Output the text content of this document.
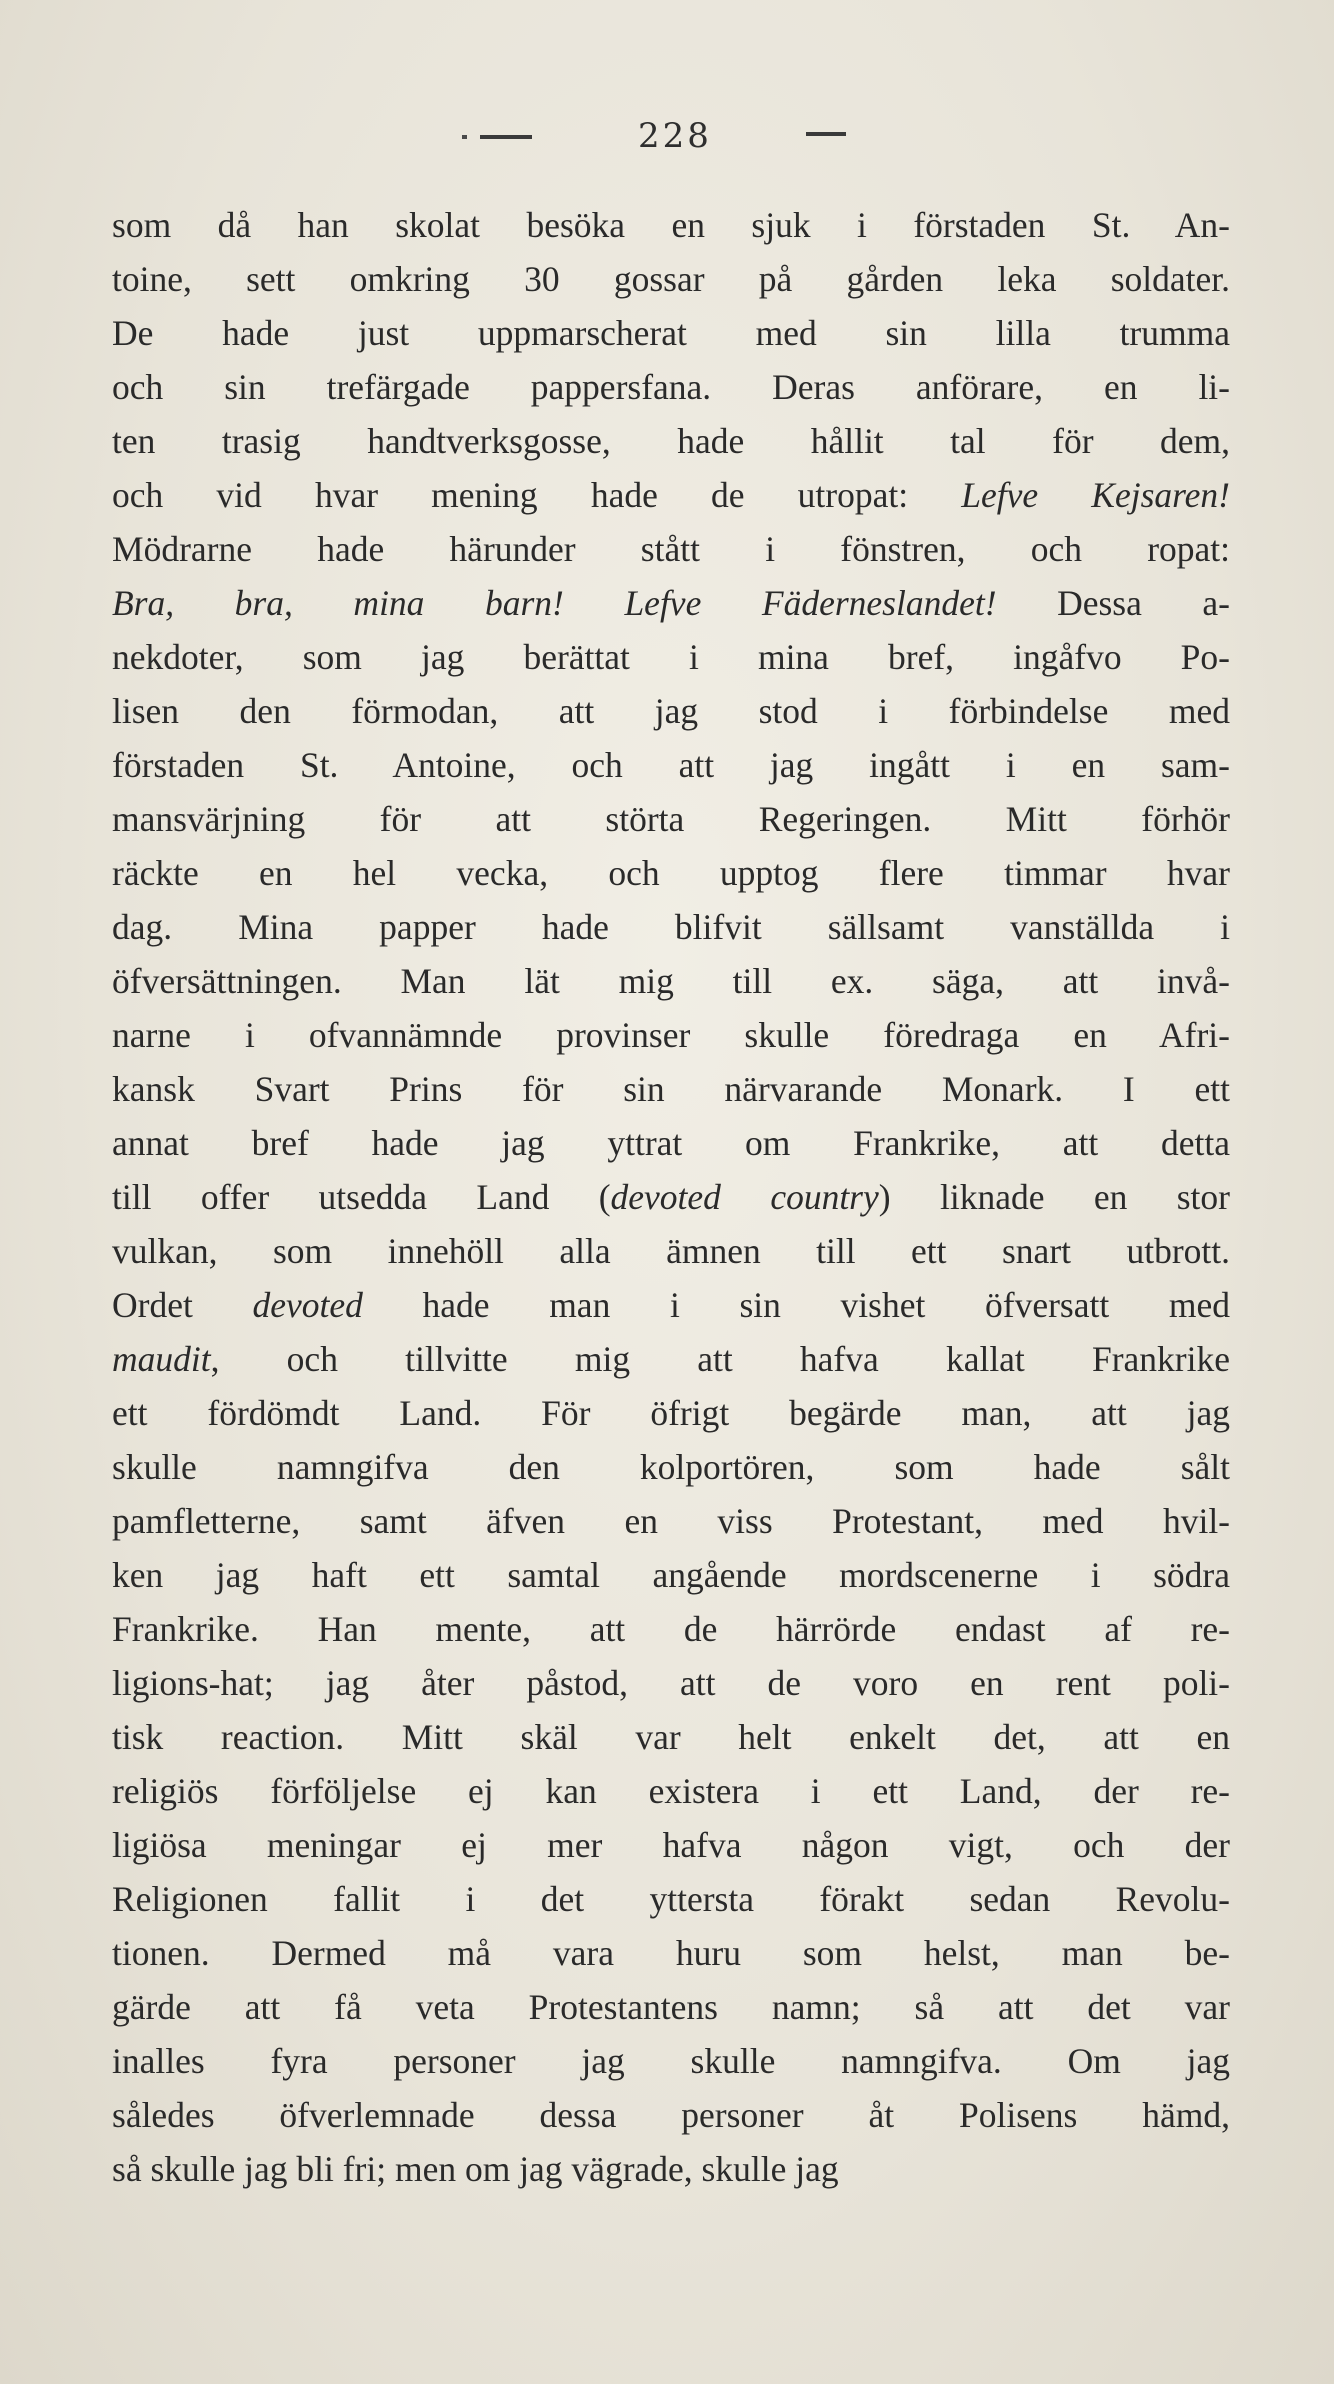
228
som då han skolat besöka en sjuk i förstaden St. An-
toine, sett omkring 30 gossar på gården leka soldater.
De hade just uppmarscherat med sin lilla trumma
och sin trefärgade pappersfana. Deras anförare, en li-
ten trasig handtverksgosse, hade hållit tal för dem,
och vid hvar mening hade de utropat: Lefve Kejsaren!
Mödrarne hade härunder stått i fönstren, och ropat:
Bra, bra, mina barn! Lefve Fäderneslandet! Dessa a-
nekdoter, som jag berättat i mina bref, ingåfvo Po-
lisen den förmodan, att jag stod i förbindelse med
förstaden St. Antoine, och att jag ingått i en sam-
mansvärjning för att störta Regeringen. Mitt förhör
räckte en hel vecka, och upptog flere timmar hvar
dag. Mina papper hade blifvit sällsamt vanställda i
öfversättningen. Man lät mig till ex. säga, att invå-
narne i ofvannämnde provinser skulle föredraga en Afri-
kansk Svart Prins för sin närvarande Monark. I ett
annat bref hade jag yttrat om Frankrike, att detta
till offer utsedda Land (devoted country) liknade en stor
vulkan, som innehöll alla ämnen till ett snart utbrott.
Ordet devoted hade man i sin vishet öfversatt med
maudit, och tillvitte mig att hafva kallat Frankrike
ett fördömdt Land. För öfrigt begärde man, att jag
skulle namngifva den kolportören, som hade sålt
pamfletterne, samt äfven en viss Protestant, med hvil-
ken jag haft ett samtal angående mordscenerne i södra
Frankrike. Han mente, att de härrörde endast af re-
ligions-hat; jag åter påstod, att de voro en rent poli-
tisk reaction. Mitt skäl var helt enkelt det, att en
religiös förföljelse ej kan existera i ett Land, der re-
ligiösa meningar ej mer hafva någon vigt, och der
Religionen fallit i det yttersta förakt sedan Revolu-
tionen. Dermed må vara huru som helst, man be-
gärde att få veta Protestantens namn; så att det var
inalles fyra personer jag skulle namngifva. Om jag
således öfverlemnade dessa personer åt Polisens hämd,
så skulle jag bli fri; men om jag vägrade, skulle jag
